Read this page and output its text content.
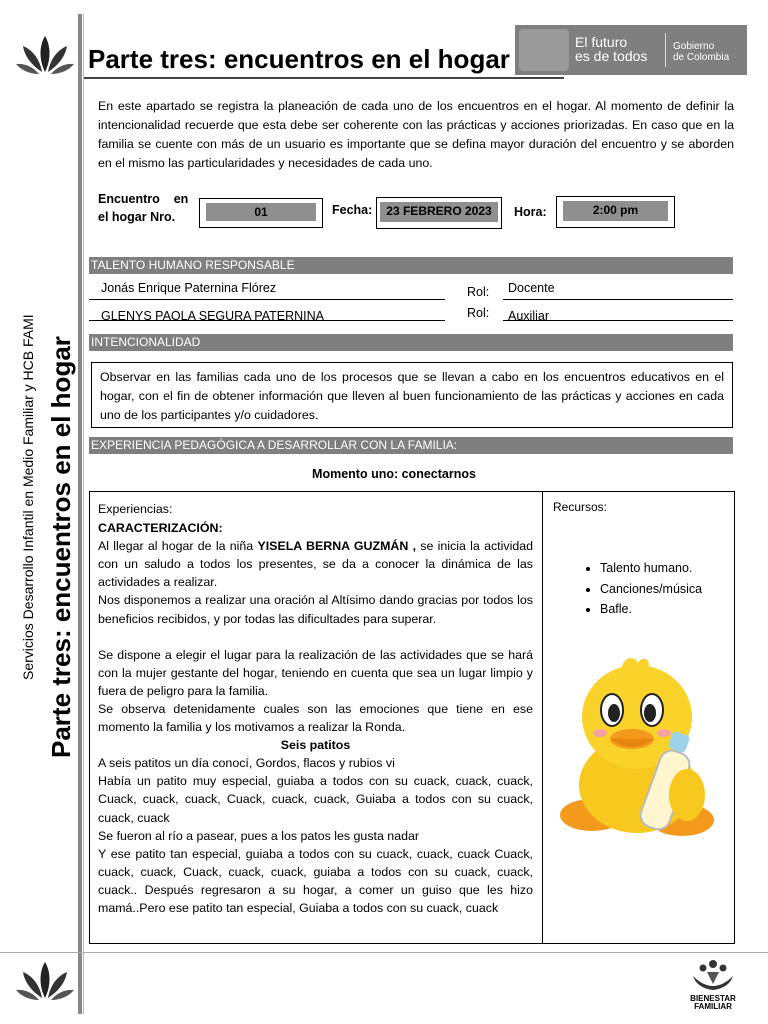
Servicios Desarrollo Infantil en Medio Familiar y HCB FAMI Parte tres: encuentros en el hogar
Parte tres: encuentros en el hogar
El futuro
es de todos
Gobierno
de Colombia
En este apartado se registra la planeación de cada uno de los encuentros en el hogar. Al momento de definir la intencionalidad recuerde que esta debe ser coherente con las prácticas y acciones priorizadas. En caso que en la familia se cuente con más de un usuario es importante que se defina mayor duración del encuentro y se aborden en el mismo las particularidades y necesidades de cada uno.
Encuentro    en
el hogar Nro.	01	Fecha:	23 FEBRERO 2023	Hora:	2:00 pm
TALENTO HUMANO RESPONSABLE
Jonás Enrique Paternina Flórez	Rol: Docente
GLENYS PAOLA SEGURA PATERNINA	Rol: Auxiliar
INTENCIONALIDAD
Observar en las familias cada uno de los procesos que se llevan a cabo en los encuentros educativos en el hogar, con el fin de obtener información que lleven al buen funcionamiento de las prácticas y acciones en cada uno de los participantes y/o cuidadores.
EXPERIENCIA PEDAGÓGICA A DESARROLLAR CON LA FAMILIA:
Momento uno: conectarnos

Experiencias:

CARACTERIZACIÓN:

Al llegar al hogar de la niña YISELA BERNA GUZMÁN , se inicia la actividad con un saludo a todos los presentes, se da a conocer la dinámica de las actividades a realizar.

Nos disponemos a realizar una oración al Altísimo dando gracias por todos los beneficios recibidos, y por todas las dificultades para superar.

Se dispone a elegir el lugar para la realización de las actividades que se hará con la mujer gestante del hogar, teniendo en cuenta que sea un lugar limpio y fuera de peligro para la familia.

Se observa detenidamente cuales son las emociones que tiene en ese momento la familia y los motivamos a realizar la Ronda.

Seis patitos

A seis patitos un día conocí, Gordos, flacos y rubios vi

Había un patito muy especial, guiaba a todos con su cuack, cuack, cuack, Cuack, cuack, cuack, Cuack, cuack, cuack, Guiaba a todos con su cuack, cuack, cuack

Se fueron al río a pasear, pues a los patos les gusta nadar

Y ese patito tan especial, guiaba a todos con su cuack, cuack, cuack Cuack, cuack, cuack, Cuack, cuack, cuack, guiaba a todos con su cuack, cuack, cuack.. Después regresaron a su hogar, a comer un guiso que les hizo mamá..Pero ese patito tan especial, Guiaba a todos con su cuack, cuack

Recursos:
• Talento humano.
• Canciones/música
• Bafle.
BIENESTAR
FAMILIAR
